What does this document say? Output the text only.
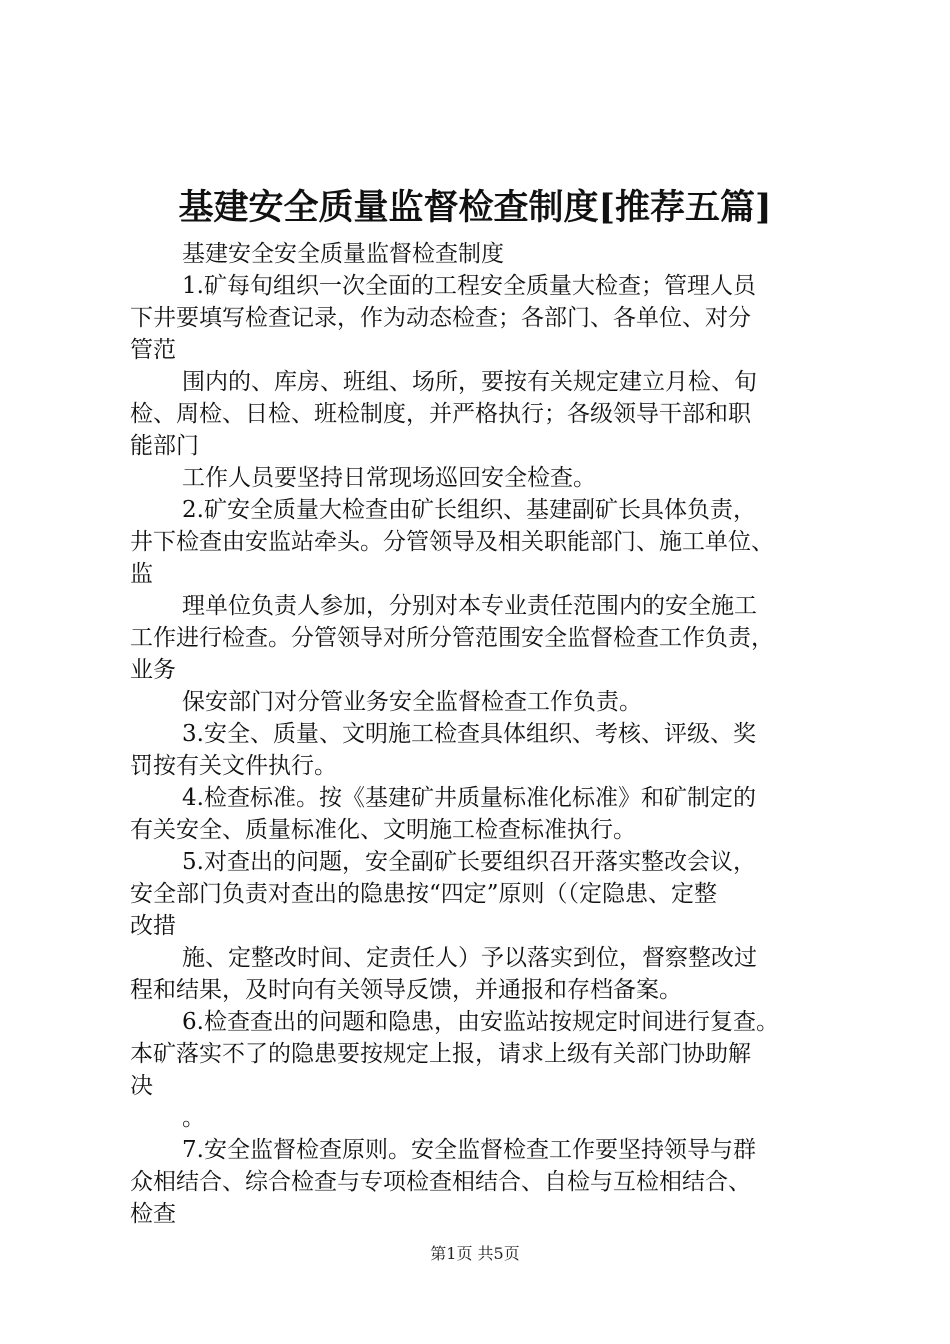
基建安全质量监督检查制度[推荐五篇]
基建安全安全质量监督检查制度
1.矿每旬组织一次全面的工程安全质量大检查；管理人员
下井要填写检查记录，作为动态检查；各部门、各单位、对分
管范
围内的、库房、班组、场所，要按有关规定建立月检、旬
检、周检、日检、班检制度，并严格执行；各级领导干部和职
能部门
工作人员要坚持日常现场巡回安全检查。
2.矿安全质量大检查由矿长组织、基建副矿长具体负责，
井下检查由安监站牵头。分管领导及相关职能部门、施工单位、
监
理单位负责人参加，分别对本专业责任范围内的安全施工
工作进行检查。分管领导对所分管范围安全监督检查工作负责，
业务
保安部门对分管业务安全监督检查工作负责。
3.安全、质量、文明施工检查具体组织、考核、评级、奖
罚按有关文件执行。
4.检查标准。按《基建矿井质量标准化标准》和矿制定的
有关安全、质量标准化、文明施工检查标准执行。
5.对查出的问题，安全副矿长要组织召开落实整改会议，
安全部门负责对查出的隐患按“四定”原则（（定隐患、定整
改措
施、定整改时间、定责任人）予以落实到位，督察整改过
程和结果，及时向有关领导反馈，并通报和存档备案。
6.检查查出的问题和隐患，由安监站按规定时间进行复查。
本矿落实不了的隐患要按规定上报，请求上级有关部门协助解
决
。
7.安全监督检查原则。安全监督检查工作要坚持领导与群
众相结合、综合检查与专项检查相结合、自检与互检相结合、
检查
第1页 共5页
